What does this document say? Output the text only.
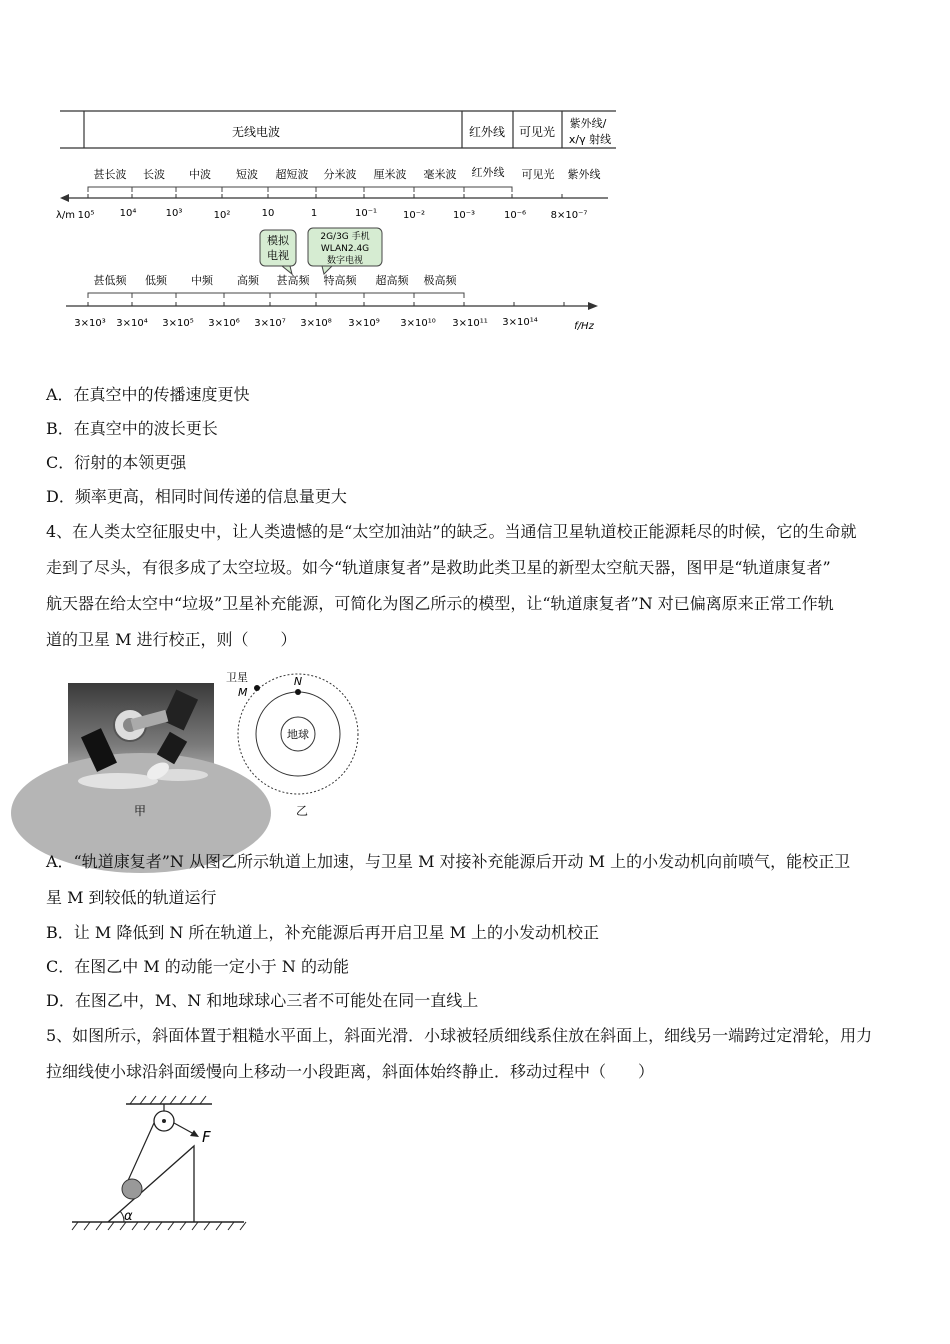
无线电波	红外线 可见光
紫外线/
x/γ 射线
甚长波 长波 中波 短波 超短波 分米波 厘米波 毫米波 红外线 可见光 紫外线
λ/m 10⁵	10⁴	10³	10²	10	1	10⁻¹	10⁻²	10⁻³	10⁻⁶ 8×10⁻⁷
模拟
电视
2G/3G 手机
WLAN2.4G
数字电视
甚低频 低频 中频 高频 甚高频 特高频 超高频 极高频
3×10³ 3×10⁴ 3×10⁵ 3×10⁶ 3×10⁷ 3×10⁸ 3×10⁹ 3×10¹⁰ 3×10¹¹ 3×10¹⁴	f/Hz
A．在真空中的传播速度更快
B．在真空中的波长更长
C．衍射的本领更强
D．频率更高，相同时间传递的信息量更大
4、在人类太空征服史中，让人类遗憾的是“太空加油站”的缺乏。当通信卫星轨道校正能源耗尽的时候，它的生命就
走到了尽头，有很多成了太空垃圾。如今“轨道康复者”是救助此类卫星的新型太空航天器，图甲是“轨道康复者”
航天器在给太空中“垃圾”卫星补充能源，可简化为图乙所示的模型，让“轨道康复者”N 对已偏离原来正常工作轨
道的卫星 M 进行校正，则（　　）
甲
地球
N
卫星
M
乙
A．“轨道康复者”N 从图乙所示轨道上加速，与卫星 M 对接补充能源后开动 M 上的小发动机向前喷气，能校正卫
星 M 到较低的轨道运行
B．让 M 降低到 N 所在轨道上，补充能源后再开启卫星 M 上的小发动机校正
C．在图乙中 M 的动能一定小于 N 的动能
D．在图乙中，M、N 和地球球心三者不可能处在同一直线上
5、如图所示，斜面体置于粗糙水平面上，斜面光滑．小球被轻质细线系住放在斜面上，细线另一端跨过定滑轮，用力
拉细线使小球沿斜面缓慢向上移动一小段距离，斜面体始终静止．移动过程中（　　）
F
α
